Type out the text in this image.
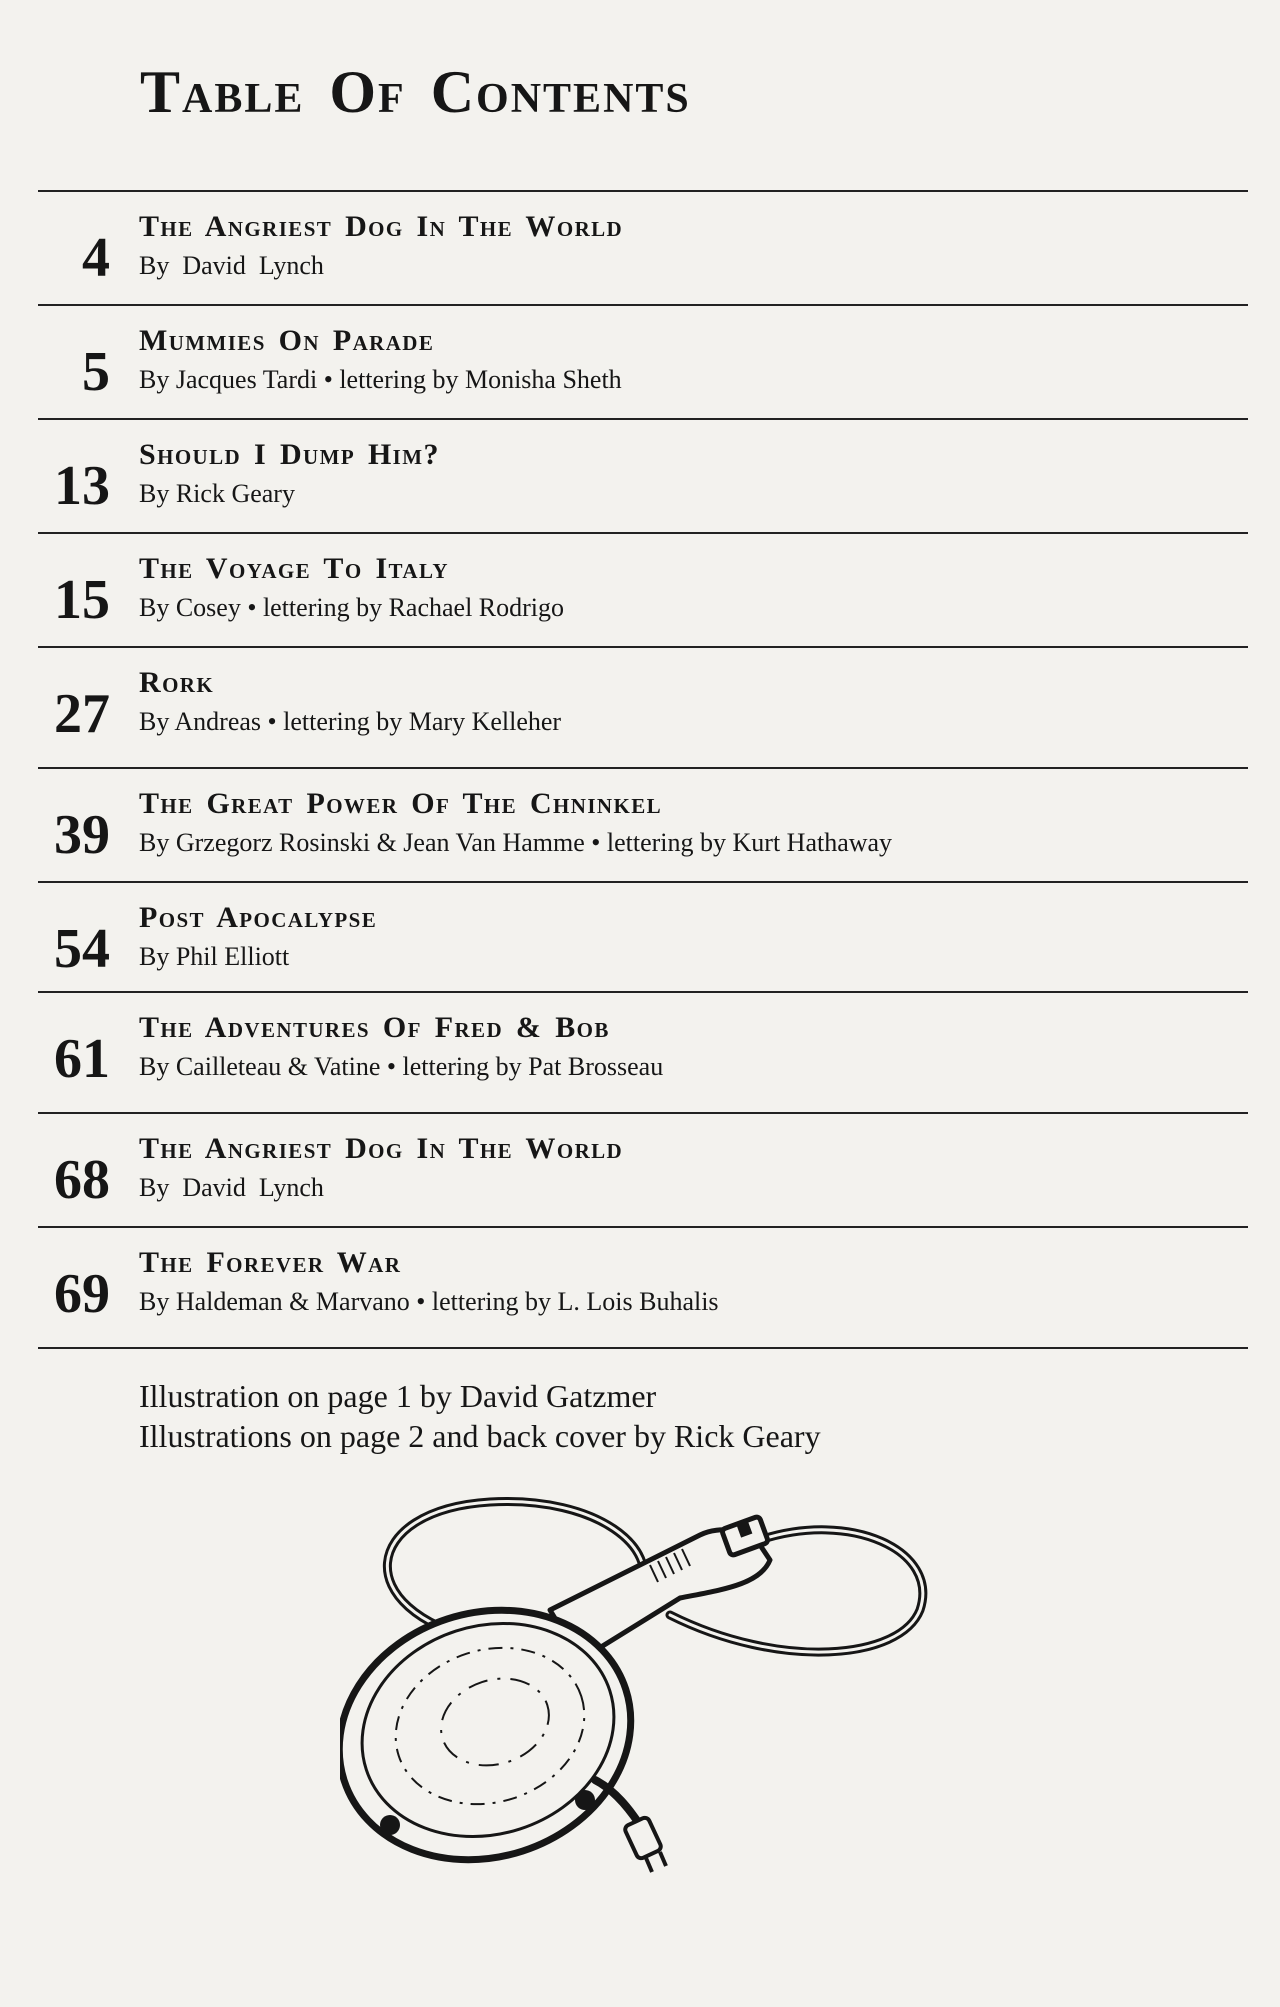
Table Of Contents
4
The Angriest Dog In The World
By  David  Lynch
5
Mummies On Parade
By Jacques Tardi • lettering by Monisha Sheth
13
Should I Dump Him?
By Rick Geary
15
The Voyage To Italy
By Cosey • lettering by Rachael Rodrigo
27
Rork
By Andreas • lettering by Mary Kelleher
39
The Great Power Of The Chninkel
By Grzegorz Rosinski & Jean Van Hamme • lettering by Kurt Hathaway
54
Post Apocalypse
By Phil Elliott
61
The Adventures Of Fred & Bob
By Cailleteau & Vatine • lettering by Pat Brosseau
68
The Angriest Dog In The World
By  David  Lynch
69
The Forever War
By Haldeman & Marvano • lettering by L. Lois Buhalis
Illustration on page 1 by David Gatzmer
Illustrations on page 2 and back cover by Rick Geary
